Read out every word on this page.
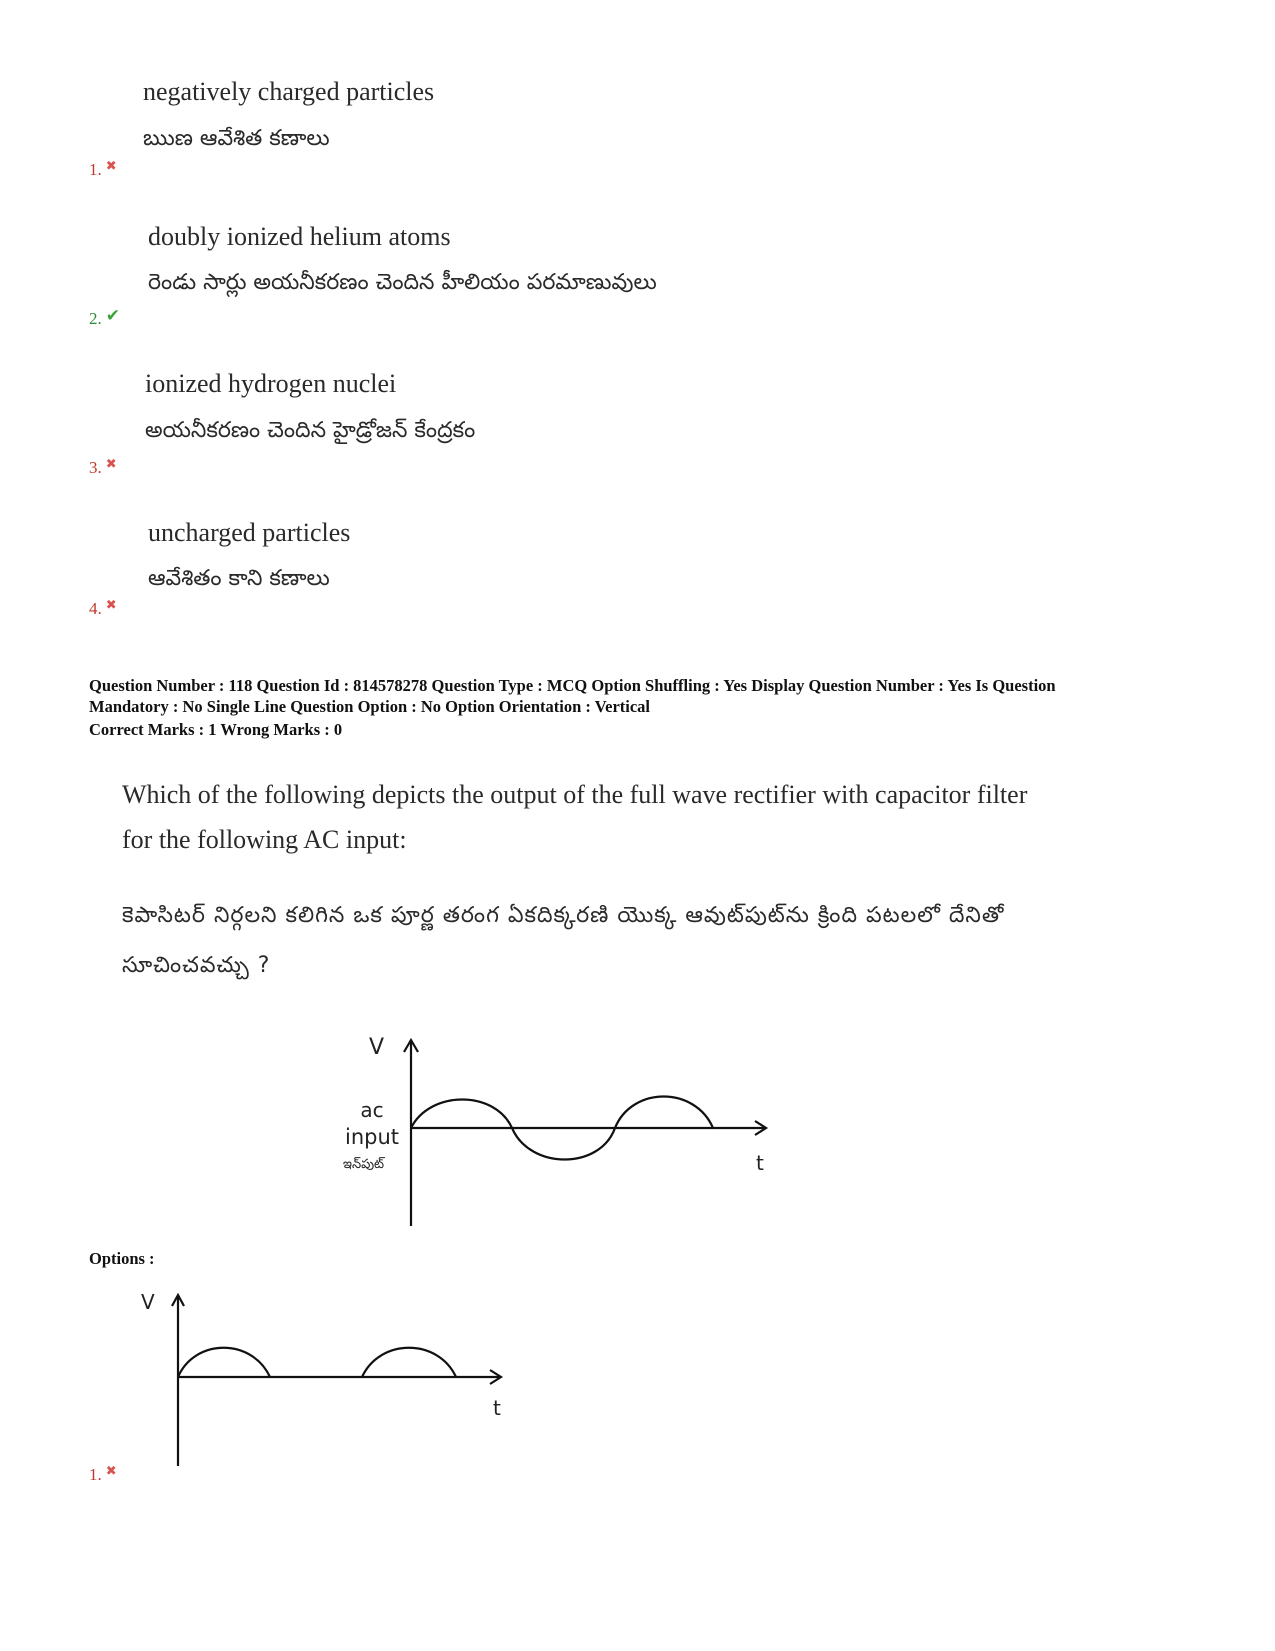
negatively charged particles
ఋణ ఆవేశిత కణాలు
1. ✖
doubly ionized helium atoms
రెండు సార్లు అయనీకరణం చెందిన హీలియం పరమాణువులు
2. ✔
ionized hydrogen nuclei
అయనీకరణం చెందిన హైడ్రోజన్ కేంద్రకం
3. ✖
uncharged particles
ఆవేశితం కాని కణాలు
4. ✖
Question Number : 118 Question Id : 814578278 Question Type : MCQ Option Shuffling : Yes Display Question Number : Yes Is Question
Mandatory : No Single Line Question Option : No Option Orientation : Vertical
Correct Marks : 1 Wrong Marks : 0
Which of the following depicts the output of the full wave rectifier with capacitor filter
for the following AC input:
కెపాసిటర్ నిర్గలని కలిగిన ఒక పూర్ణ తరంగ ఏకదిక్కరణి యొక్క ఆవుట్‌పుట్‌ను క్రింది పటలలో దేనితో
సూచించవచ్చు ?
V
ac
input
ఇన్‌పుట్	t
Options :
V
t
1. ✖
